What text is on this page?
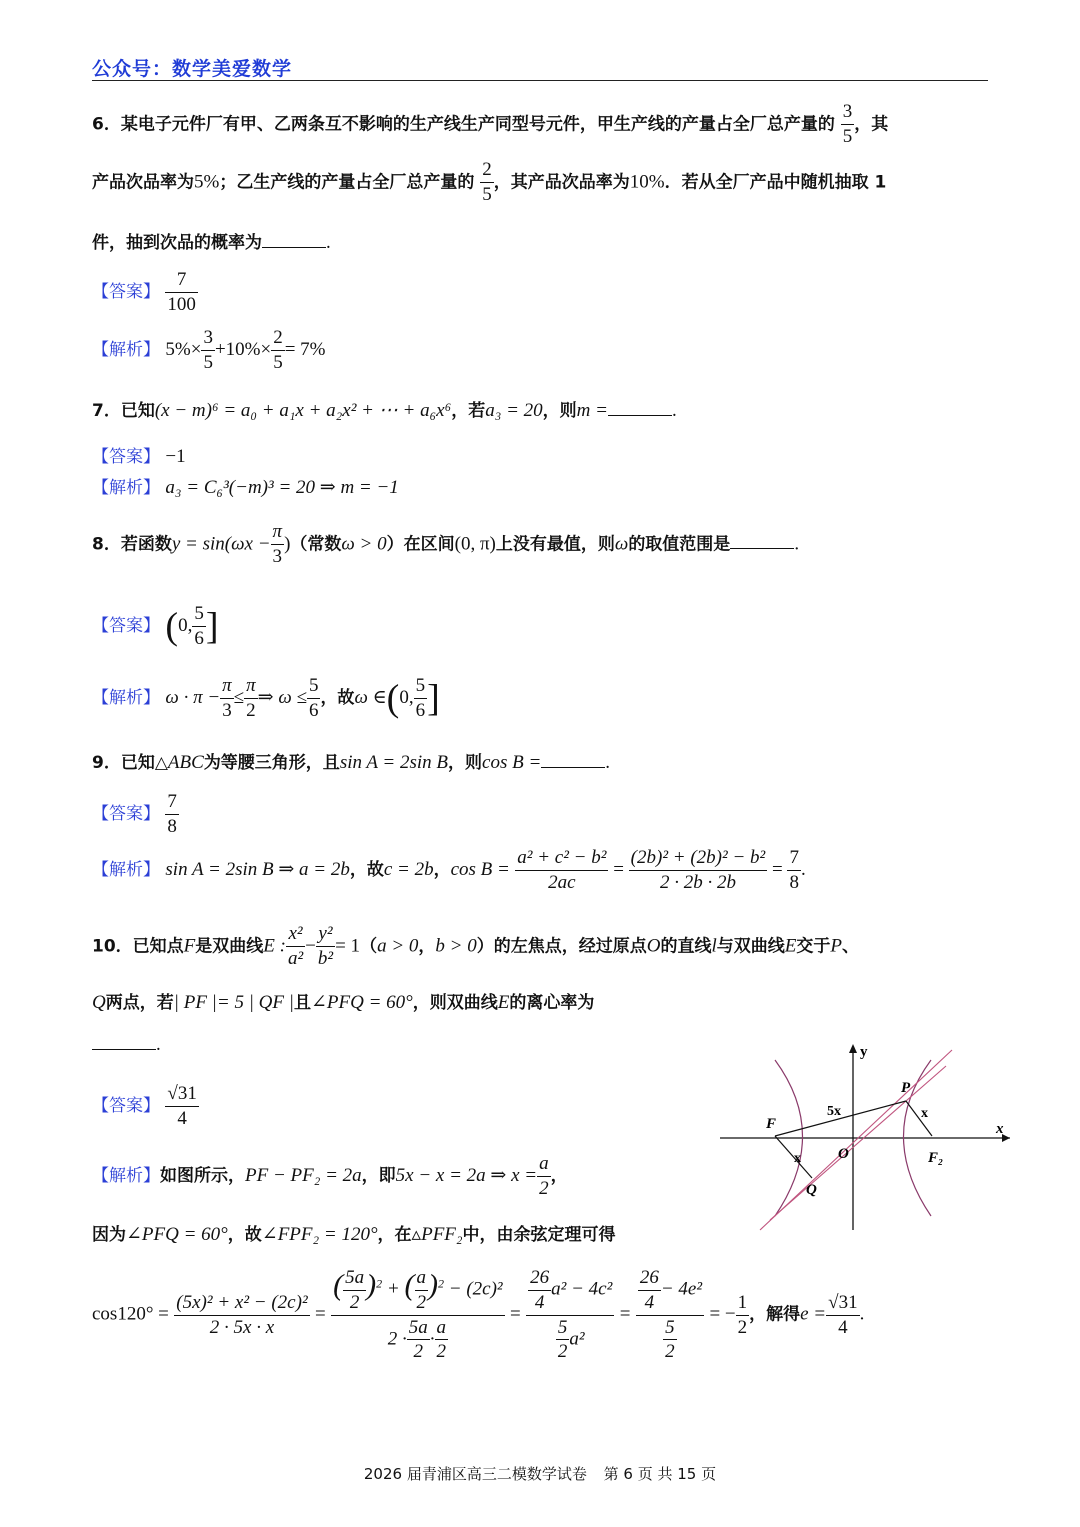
公众号：数学美爱数学
6．某电子元件厂有甲、乙两条互不影响的生产线生产同型号元件，甲生产线的产量占全厂总产量的 $\frac{3}{5}$ ，其
产品次品率为5%；乙生产线的产量占全厂总产量的 $\frac{2}{5}$ ，其产品次品率为10%．若从全厂产品中随机抽取 1
件，抽到次品的概率为	.
【答案】 $\frac{7}{100}$
【解析】 $5\%\times \frac{3}{5} +10\%\times \frac{2}{5} = 7\%$
7．已知(x − m)⁶ = a₀ + a₁x + a₂x² + ⋯ + a₆x⁶，若a₃ = 20，则m =	.
【答案】 −1
【解析】 a₃ = C₆³(−m)³ = 20 ⇒ m = −1
8．若函数$y = \sin(\omega x - \frac{\pi}{3}$ )（常数ω > 0）在区间(0, π)上没有最值，则ω的取值范围是	.
【答案】 (0, $\frac{5}{6}$ ]
【解析】 $\omega \cdot \pi - \frac{\pi}{3} \le \frac{\pi}{2}$ ⇒ $\omega \le \frac{5}{6}$ ，故ω ∈(0, $\frac{5}{6}$ ]
9．已知△ABC为等腰三角形，且sin A = 2sin B，则cos B =	.
【答案】 $\frac{7}{8}$
【解析】 sin A = 2sin B ⇒ a = 2b，故c = 2b，$\cos B = \frac{\text{a² + c² − b²}}{2ac} = \frac{\text{(2b)² + (2b)² − b²}}{2 \cdot 2b \cdot 2b} = \frac{7}{8}$ .
10．已知点F是双曲线E : $\frac{\text{x²}}{\text{a²}} - \frac{\text{y²}}{\text{b²}} = 1(a > 0$，b > 0）的左焦点，经过原点O的直线l与双曲线E交于P、
Q两点，若| PF |= 5 | QF |且∠PFQ = 60°，则双曲线E的离心率为
.
【答案】 $\frac{√31}{4}$
【解析】如图所示，PF − PF₂ = 2a，即5x − x = 2a ⇒ $x = \frac{a}{2}$ ，
因为∠PFQ = 60°，故∠FPF₂ = 120°，在▵PFF₂中，由余弦定理可得
$\cos 120^\circ = \frac{\text{(5x)² + x² − (2c)²}}{2 \cdot 5x \cdot x} = \frac{( \frac{5a}{2} )^2 + ( \frac{a}{2} )^2 - (2c)^2}{2 \cdot \frac{5a}{2} \cdot \frac{a}{2}} = \frac{\frac{26}{4} a^2 - 4c^2}{\frac{5}{2} a^2} = \frac{\frac{26}{4} - 4e^2}{\frac{5}{2}}$ = − $\frac{1}{2}$ ，解得$e = \frac{√31}{4}$ .
y
x
P
F
O	F₂
Q
x
x
5x
2026 届青浦区高三二模数学试卷 第 6 页 共 15 页
